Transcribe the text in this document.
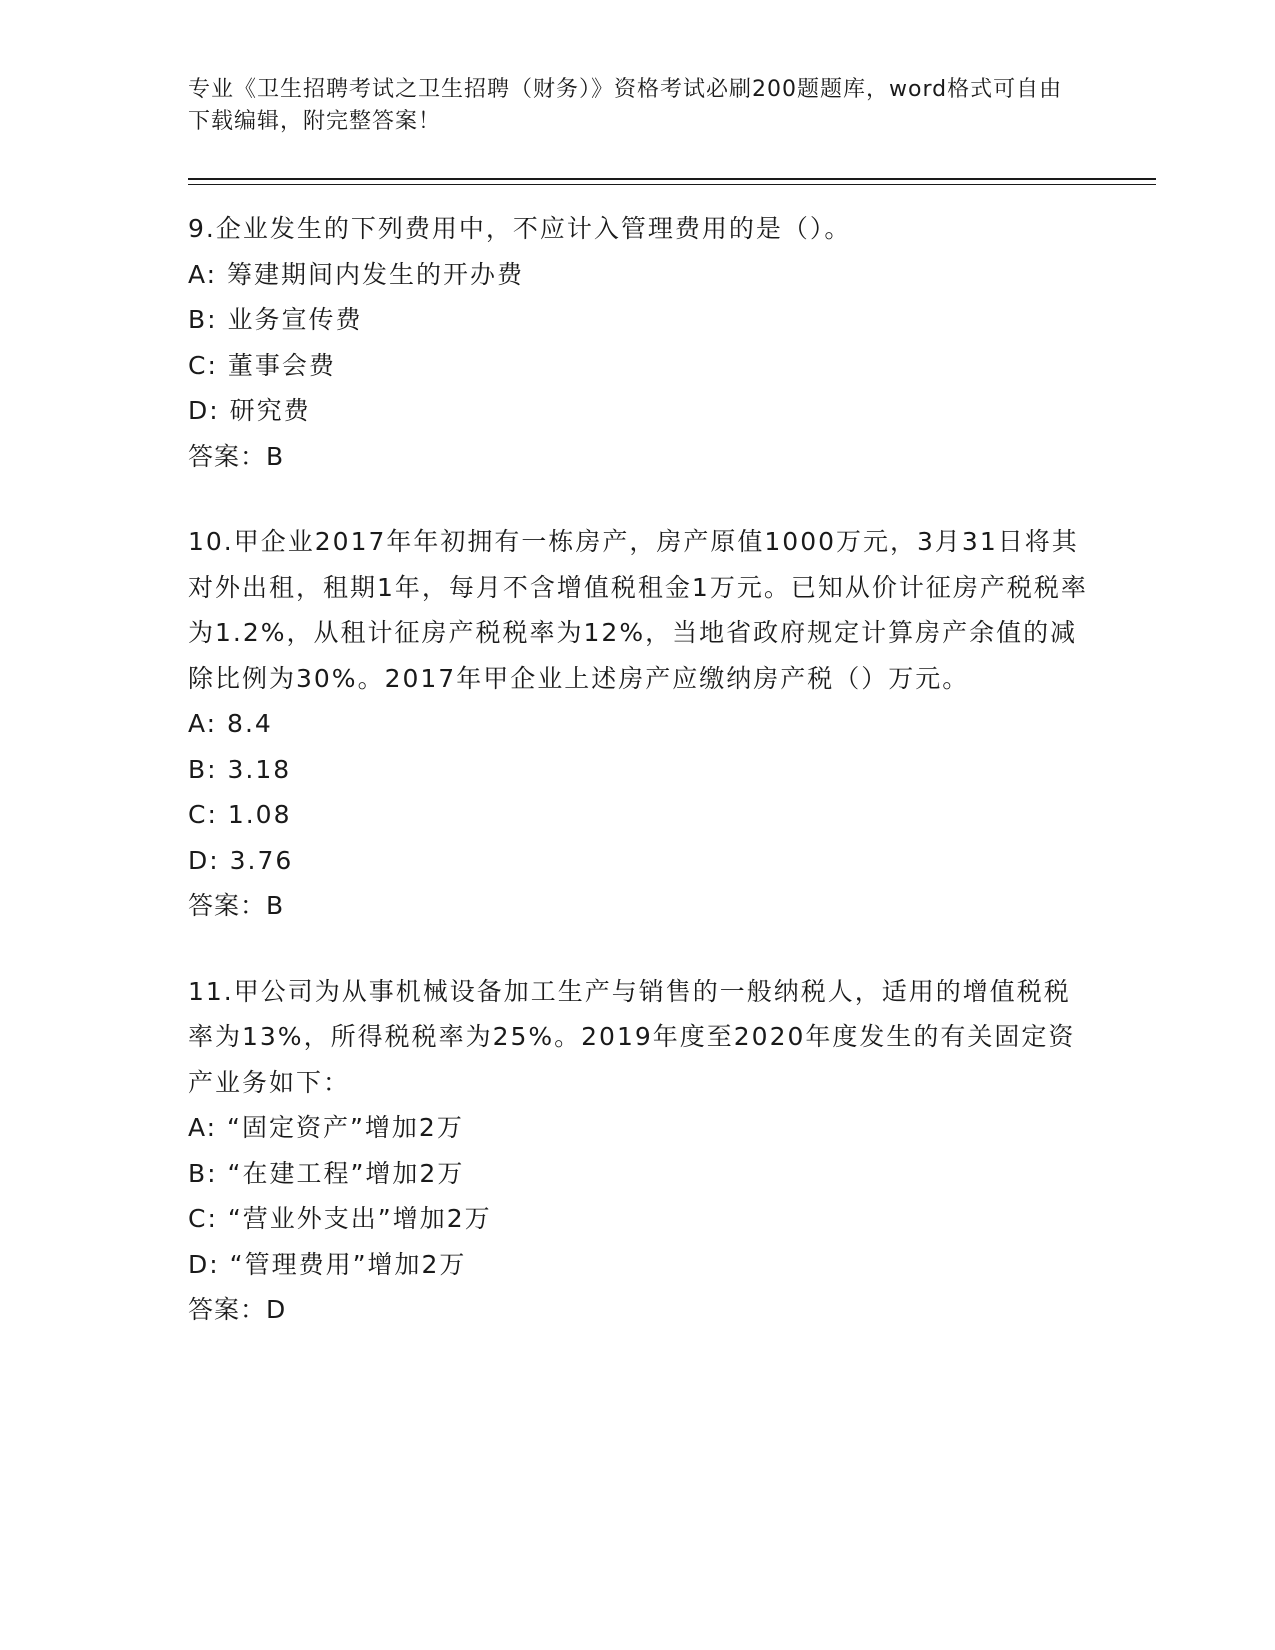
专业《卫生招聘考试之卫生招聘（财务）》资格考试必刷200题题库，word格式可自由下载编辑，附完整答案！
9.企业发生的下列费用中，不应计入管理费用的是（）。
A: 筹建期间内发生的开办费
B: 业务宣传费
C: 董事会费
D: 研究费
答案：B
10.甲企业2017年年初拥有一栋房产，房产原值1000万元，3月31日将其对外出租，租期1年，每月不含增值税租金1万元。已知从价计征房产税税率为1.2%，从租计征房产税税率为12%，当地省政府规定计算房产余值的减除比例为30%。2017年甲企业上述房产应缴纳房产税（）万元。
A: 8.4
B: 3.18
C: 1.08
D: 3.76
答案：B
11.甲公司为从事机械设备加工生产与销售的一般纳税人，适用的增值税税率为13%，所得税税率为25%。2019年度至2020年度发生的有关固定资产业务如下：
A: “固定资产”增加2万
B: “在建工程”增加2万
C: “营业外支出”增加2万
D: “管理费用”增加2万
答案：D
